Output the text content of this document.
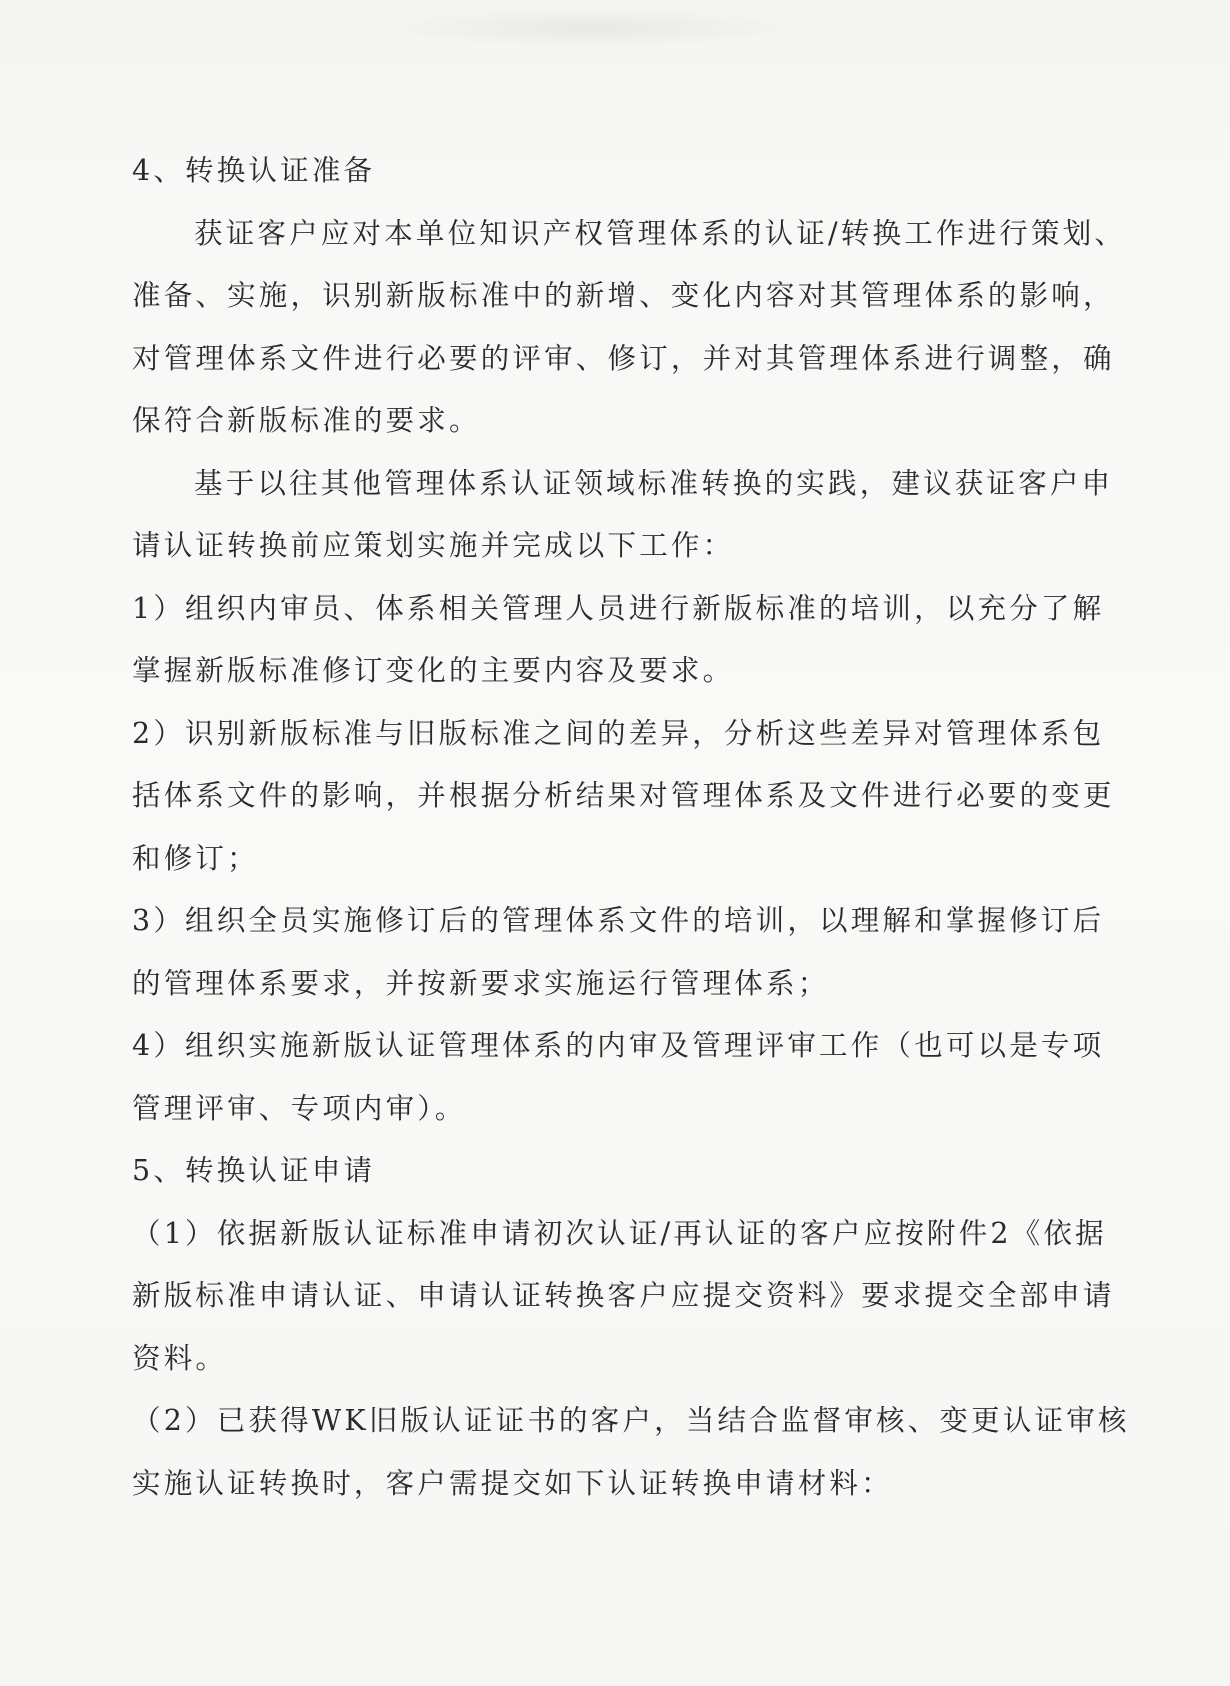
4、转换认证准备
获证客户应对本单位知识产权管理体系的认证/转换工作进行策划、
准备、实施，识别新版标准中的新增、变化内容对其管理体系的影响，
对管理体系文件进行必要的评审、修订，并对其管理体系进行调整，确
保符合新版标准的要求。
基于以往其他管理体系认证领域标准转换的实践，建议获证客户申
请认证转换前应策划实施并完成以下工作：
1）组织内审员、体系相关管理人员进行新版标准的培训，以充分了解
掌握新版标准修订变化的主要内容及要求。
2）识别新版标准与旧版标准之间的差异，分析这些差异对管理体系包
括体系文件的影响，并根据分析结果对管理体系及文件进行必要的变更
和修订；
3）组织全员实施修订后的管理体系文件的培训，以理解和掌握修订后
的管理体系要求，并按新要求实施运行管理体系；
4）组织实施新版认证管理体系的内审及管理评审工作（也可以是专项
管理评审、专项内审）。
5、转换认证申请
（1）依据新版认证标准申请初次认证/再认证的客户应按附件2《依据
新版标准申请认证、申请认证转换客户应提交资料》要求提交全部申请
资料。
（2）已获得WK旧版认证证书的客户，当结合监督审核、变更认证审核
实施认证转换时，客户需提交如下认证转换申请材料：
